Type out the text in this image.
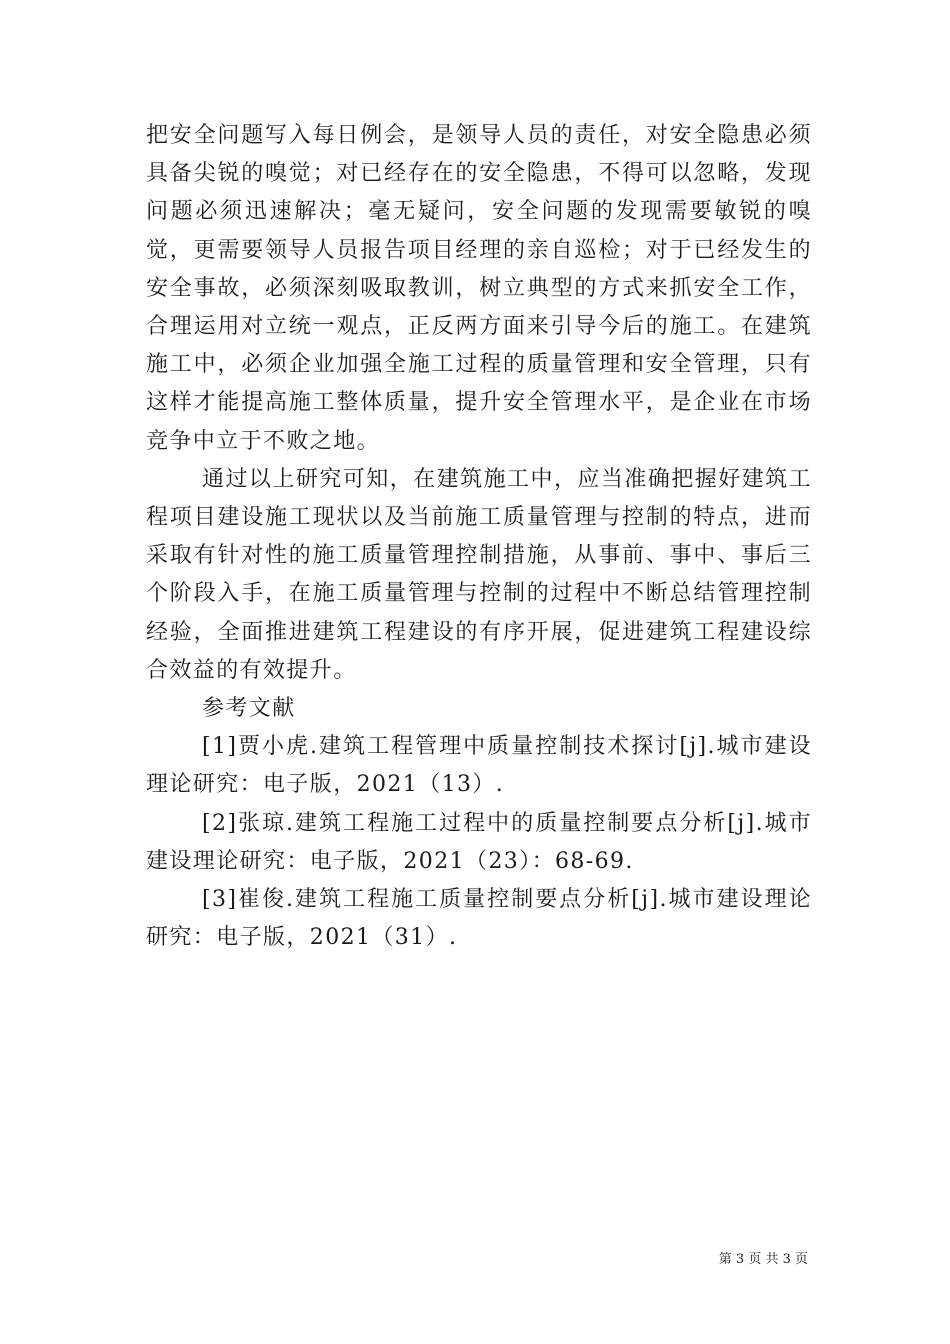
把安全问题写入每日例会，是领导人员的责任，对安全隐患必须具备尖锐的嗅觉；对已经存在的安全隐患，不得可以忽略，发现问题必须迅速解决；毫无疑问，安全问题的发现需要敏锐的嗅觉，更需要领导人员报告项目经理的亲自巡检；对于已经发生的安全事故，必须深刻吸取教训，树立典型的方式来抓安全工作，合理运用对立统一观点，正反两方面来引导今后的施工。在建筑施工中，必须企业加强全施工过程的质量管理和安全管理，只有这样才能提高施工整体质量，提升安全管理水平，是企业在市场竞争中立于不败之地。

通过以上研究可知，在建筑施工中，应当准确把握好建筑工程项目建设施工现状以及当前施工质量管理与控制的特点，进而采取有针对性的施工质量管理控制措施，从事前、事中、事后三个阶段入手，在施工质量管理与控制的过程中不断总结管理控制经验，全面推进建筑工程建设的有序开展，促进建筑工程建设综合效益的有效提升。

参考文献

[1]贾小虎.建筑工程管理中质量控制技术探讨[j].城市建设理论研究：电子版，2021（13）.

[2]张琼.建筑工程施工过程中的质量控制要点分析[j].城市建设理论研究：电子版，2021（23）：68-69.

[3]崔俊.建筑工程施工质量控制要点分析[j].城市建设理论研究：电子版，2021（31）.

第 3 页 共 3 页
